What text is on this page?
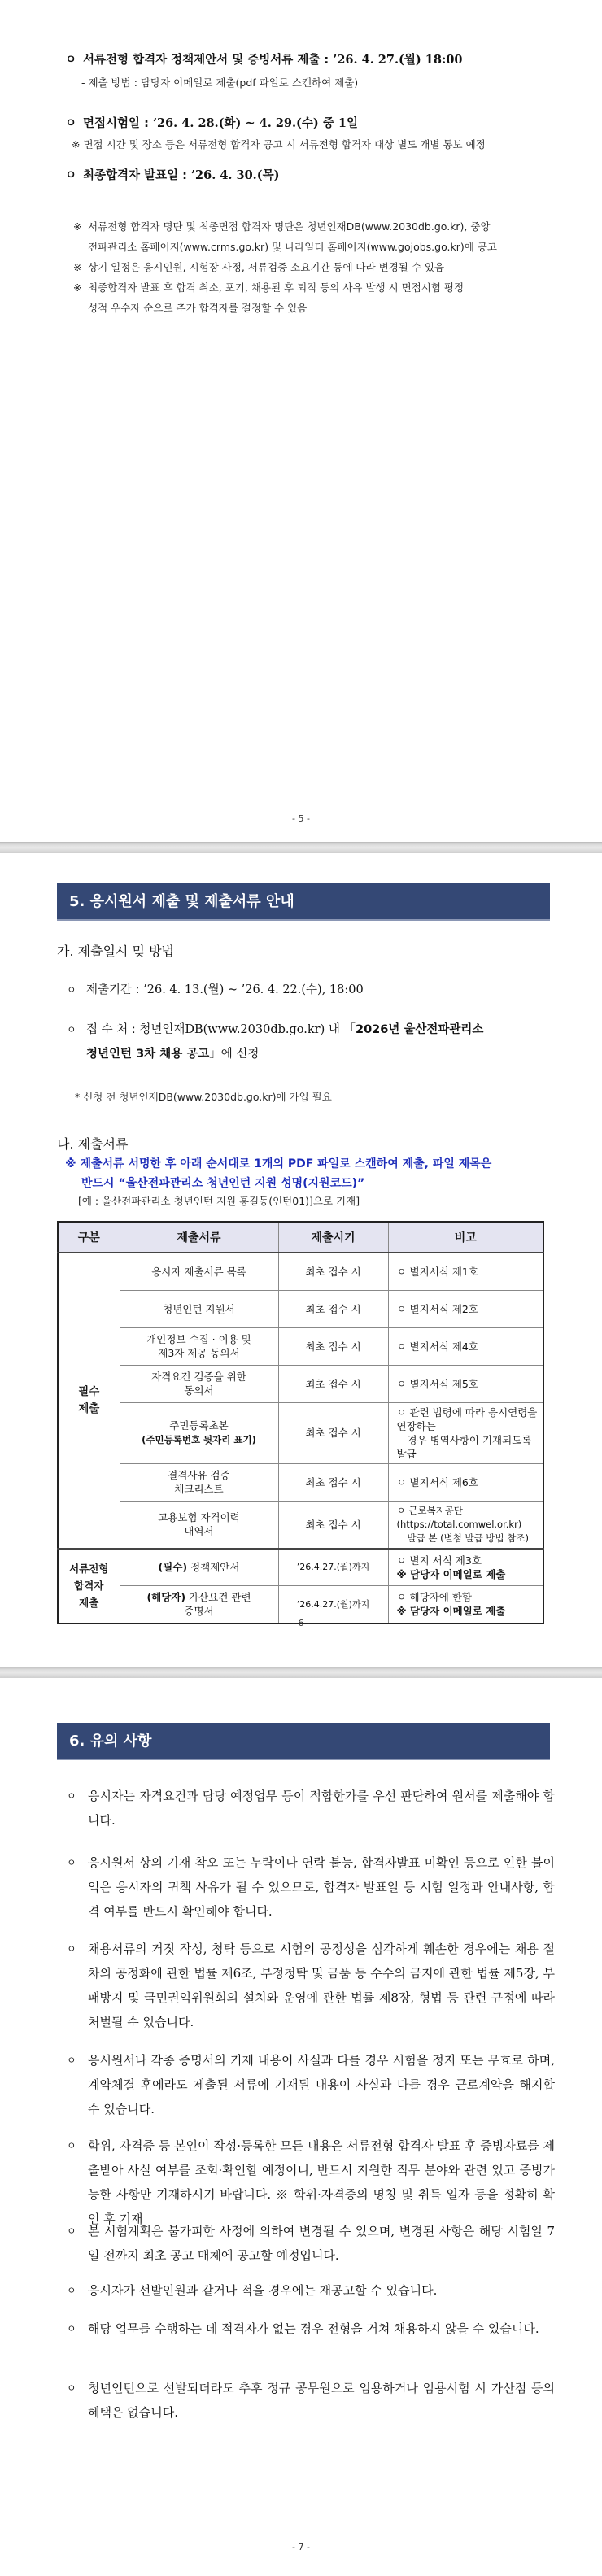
ㅇ 서류전형 합격자 정책제안서 및 증빙서류 제출 : ’26. 4. 27.(월) 18:00
- 제출 방법 : 담당자 이메일로 제출(pdf 파일로 스캔하여 제출)
ㅇ 면접시험일 : ’26. 4. 28.(화) ~ 4. 29.(수) 중 1일
※ 면접 시간 및 장소 등은 서류전형 합격자 공고 시 서류전형 합격자 대상 별도 개별 통보 예정
ㅇ 최종합격자 발표일 : ’26. 4. 30.(목)
※ 서류전형 합격자 명단 및 최종면접 합격자 명단은 청년인재DB(www.2030db.go.kr), 중앙
전파관리소 홈페이지(www.crms.go.kr) 및 나라일터 홈페이지(www.gojobs.go.kr)에 공고
※ 상기 일정은 응시인원, 시험장 사정, 서류검증 소요기간 등에 따라 변경될 수 있음
※ 최종합격자 발표 후 합격 취소, 포기, 채용된 후 퇴직 등의 사유 발생 시 면접시험 평정
성적 우수자 순으로 추가 합격자를 결정할 수 있음
- 5 -
5. 응시원서 제출 및 제출서류 안내
가. 제출일시 및 방법
ㅇ 제출기간 : ’26. 4. 13.(월) ~ ’26. 4. 22.(수), 18:00
ㅇ 접 수 처 : 청년인재DB(www.2030db.go.kr) 내 「2026년 울산전파관리소
청년인턴 3차 채용 공고」에 신청
* 신청 전 청년인재DB(www.2030db.go.kr)에 가입 필요
나. 제출서류
※ 제출서류 서명한 후 아래 순서대로 1개의 PDF 파일로 스캔하여 제출, 파일 제목은
반드시 “울산전파관리소 청년인턴 지원 성명(지원코드)”
[예 : 울산전파관리소 청년인턴 지원 홍길동(인턴01)]으로 기재]
구분	제출서류	제출시기	비고
필수
제출	응시자 제출서류 목록	최초 접수 시	ㅇ 별지서식 제1호
	청년인턴 지원서	최초 접수 시	ㅇ 별지서식 제2호
	개인정보 수집 · 이용 및
제3자 제공 동의서	최초 접수 시	ㅇ 별지서식 제4호
	자격요건 검증을 위한
동의서	최초 접수 시	ㅇ 별지서식 제5호
	주민등록초본
(주민등록번호 뒷자리 표기)	최초 접수 시	ㅇ 관련 법령에 따라 응시연령을 연장하는
경우 병역사항이 기재되도록 발급
	결격사유 검증
체크리스트	최초 접수 시	ㅇ 별지서식 제6호
	고용보험 자격이력
내역서	최초 접수 시	ㅇ 근로복지공단(https://total.comwel.or.kr)
발급 본 (별첨 발급 방법 참조)
서류전형
합격자
제출	(필수) 정책제안서	’26.4.27.(월)까지	ㅇ 별지 서식 제3호
※ 담당자 이메일로 제출
	(해당자) 가산요건 관련
증명서	’26.4.27.(월)까지	ㅇ 해당자에 한함
※ 담당자 이메일로 제출
- 6 -
6. 유의 사항
ㅇ 응시자는 자격요건과 담당 예정업무 등이 적합한가를 우선 판단하여 원서를 제출해야 합니다.
ㅇ 응시원서 상의 기재 착오 또는 누락이나 연락 불능, 합격자발표 미확인 등으로 인한 불이익은 응시자의 귀책 사유가 될 수 있으므로, 합격자 발표일 등 시험 일정과 안내사항, 합격 여부를 반드시 확인해야 합니다.
ㅇ 채용서류의 거짓 작성, 청탁 등으로 시험의 공정성을 심각하게 훼손한 경우에는 채용 절차의 공정화에 관한 법률 제6조, 부정청탁 및 금품 등 수수의 금지에 관한 법률 제5장, 부패방지 및 국민권익위원회의 설치와 운영에 관한 법률 제8장, 형법 등 관련 규정에 따라 처벌될 수 있습니다.
ㅇ 응시원서나 각종 증명서의 기재 내용이 사실과 다를 경우 시험을 정지 또는 무효로 하며, 계약체결 후에라도 제출된 서류에 기재된 내용이 사실과 다를 경우 근로계약을 해지할 수 있습니다.
ㅇ 학위, 자격증 등 본인이 작성·등록한 모든 내용은 서류전형 합격자 발표 후 증빙자료를 제출받아 사실 여부를 조회·확인할 예정이니, 반드시 지원한 직무 분야와 관련 있고 증빙가능한 사항만 기재하시기 바랍니다. ※ 학위·자격증의 명칭 및 취득 일자 등을 정확히 확인 후 기재
ㅇ 본 시험계획은 불가피한 사정에 의하여 변경될 수 있으며, 변경된 사항은 해당 시험일 7일 전까지 최초 공고 매체에 공고할 예정입니다.
ㅇ 응시자가 선발인원과 같거나 적을 경우에는 재공고할 수 있습니다.
ㅇ 해당 업무를 수행하는 데 적격자가 없는 경우 전형을 거쳐 채용하지 않을 수 있습니다.
ㅇ 청년인턴으로 선발되더라도 추후 정규 공무원으로 임용하거나 임용시험 시 가산점 등의 혜택은 없습니다.
- 7 -
